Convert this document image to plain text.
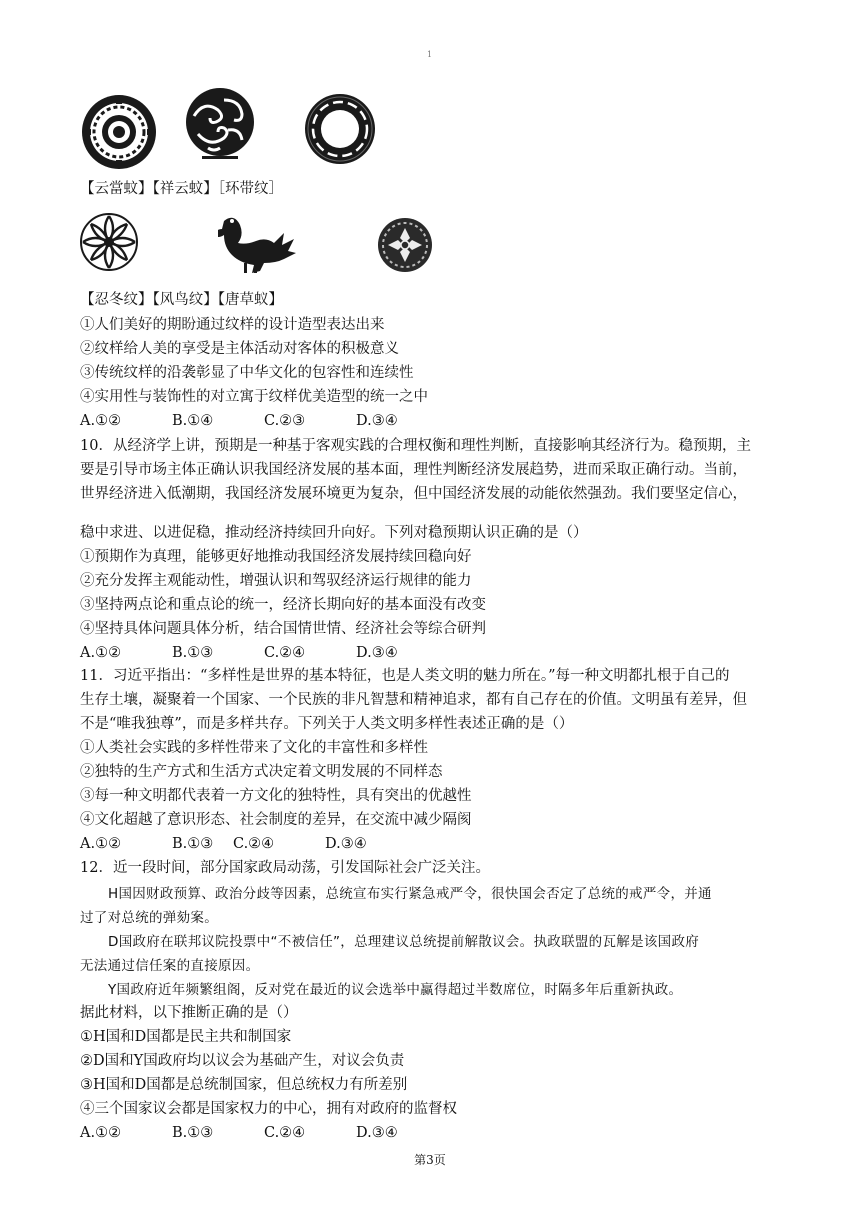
1
【云當蚊】【祥云蚊】［环带纹］
【忍冬纹】【风鸟纹】【唐草蚁】
①人们美好的期盼通过纹样的设计造型表达出来
②纹样给人美的享受是主体活动对客体的积极意义
③传统纹样的沿袭彰显了中华文化的包容性和连续性
④实用性与装饰性的对立寓于纹样优美造型的统一之中
A.①②	B.①④	C.②③	D.③④
10．从经济学上讲，预期是一种基于客观实践的合理权衡和理性判断，直接影响其经济行为。稳预期，主
要是引导市场主体正确认识我国经济发展的基本面，理性判断经济发展趋势，进而采取正确行动。当前，
世界经济进入低潮期，我国经济发展环境更为复杂，但中国经济发展的动能依然强劲。我们要坚定信心，
稳中求进、以进促稳，推动经济持续回升向好。下列对稳预期认识正确的是（）
①预期作为真理，能够更好地推动我国经济发展持续回稳向好
②充分发挥主观能动性，增强认识和驾驭经济运行规律的能力
③坚持两点论和重点论的统一，经济长期向好的基本面没有改变
④坚持具体问题具体分析，结合国情世情、经济社会等综合研判
A.①②	B.①③	C.②④	D.③④
11．习近平指出：“多样性是世界的基本特征，也是人类文明的魅力所在。”每一种文明都扎根于自己的
生存土壤，凝聚着一个国家、一个民族的非凡智慧和精神追求，都有自己存在的价值。文明虽有差异，但
不是“唯我独尊”，而是多样共存。下列关于人类文明多样性表述正确的是（）
①人类社会实践的多样性带来了文化的丰富性和多样性
②独特的生产方式和生活方式决定着文明发展的不同样态
③每一种文明都代表着一方文化的独特性，具有突出的优越性
④文化超越了意识形态、社会制度的差异，在交流中减少隔阂
A.①②	B.①③ C.②④	D.③④
12．近一段时间，部分国家政局动荡，引发国际社会广泛关注。
H国因财政预算、政治分歧等因素，总统宣布实行紧急戒严令，很快国会否定了总统的戒严令，并通
过了对总统的弹劾案。
D国政府在联邦议院投票中“不被信任”，总理建议总统提前解散议会。执政联盟的瓦解是该国政府
无法通过信任案的直接原因。
Y国政府近年频繁组阁，反对党在最近的议会选举中赢得超过半数席位，时隔多年后重新执政。
据此材料，以下推断正确的是（）
①H国和D国都是民主共和制国家
②D国和Y国政府均以议会为基础产生，对议会负责
③H国和D国都是总统制国家，但总统权力有所差别
④三个国家议会都是国家权力的中心，拥有对政府的监督权
A.①②	B.①③	C.②④	D.③④
第3页
